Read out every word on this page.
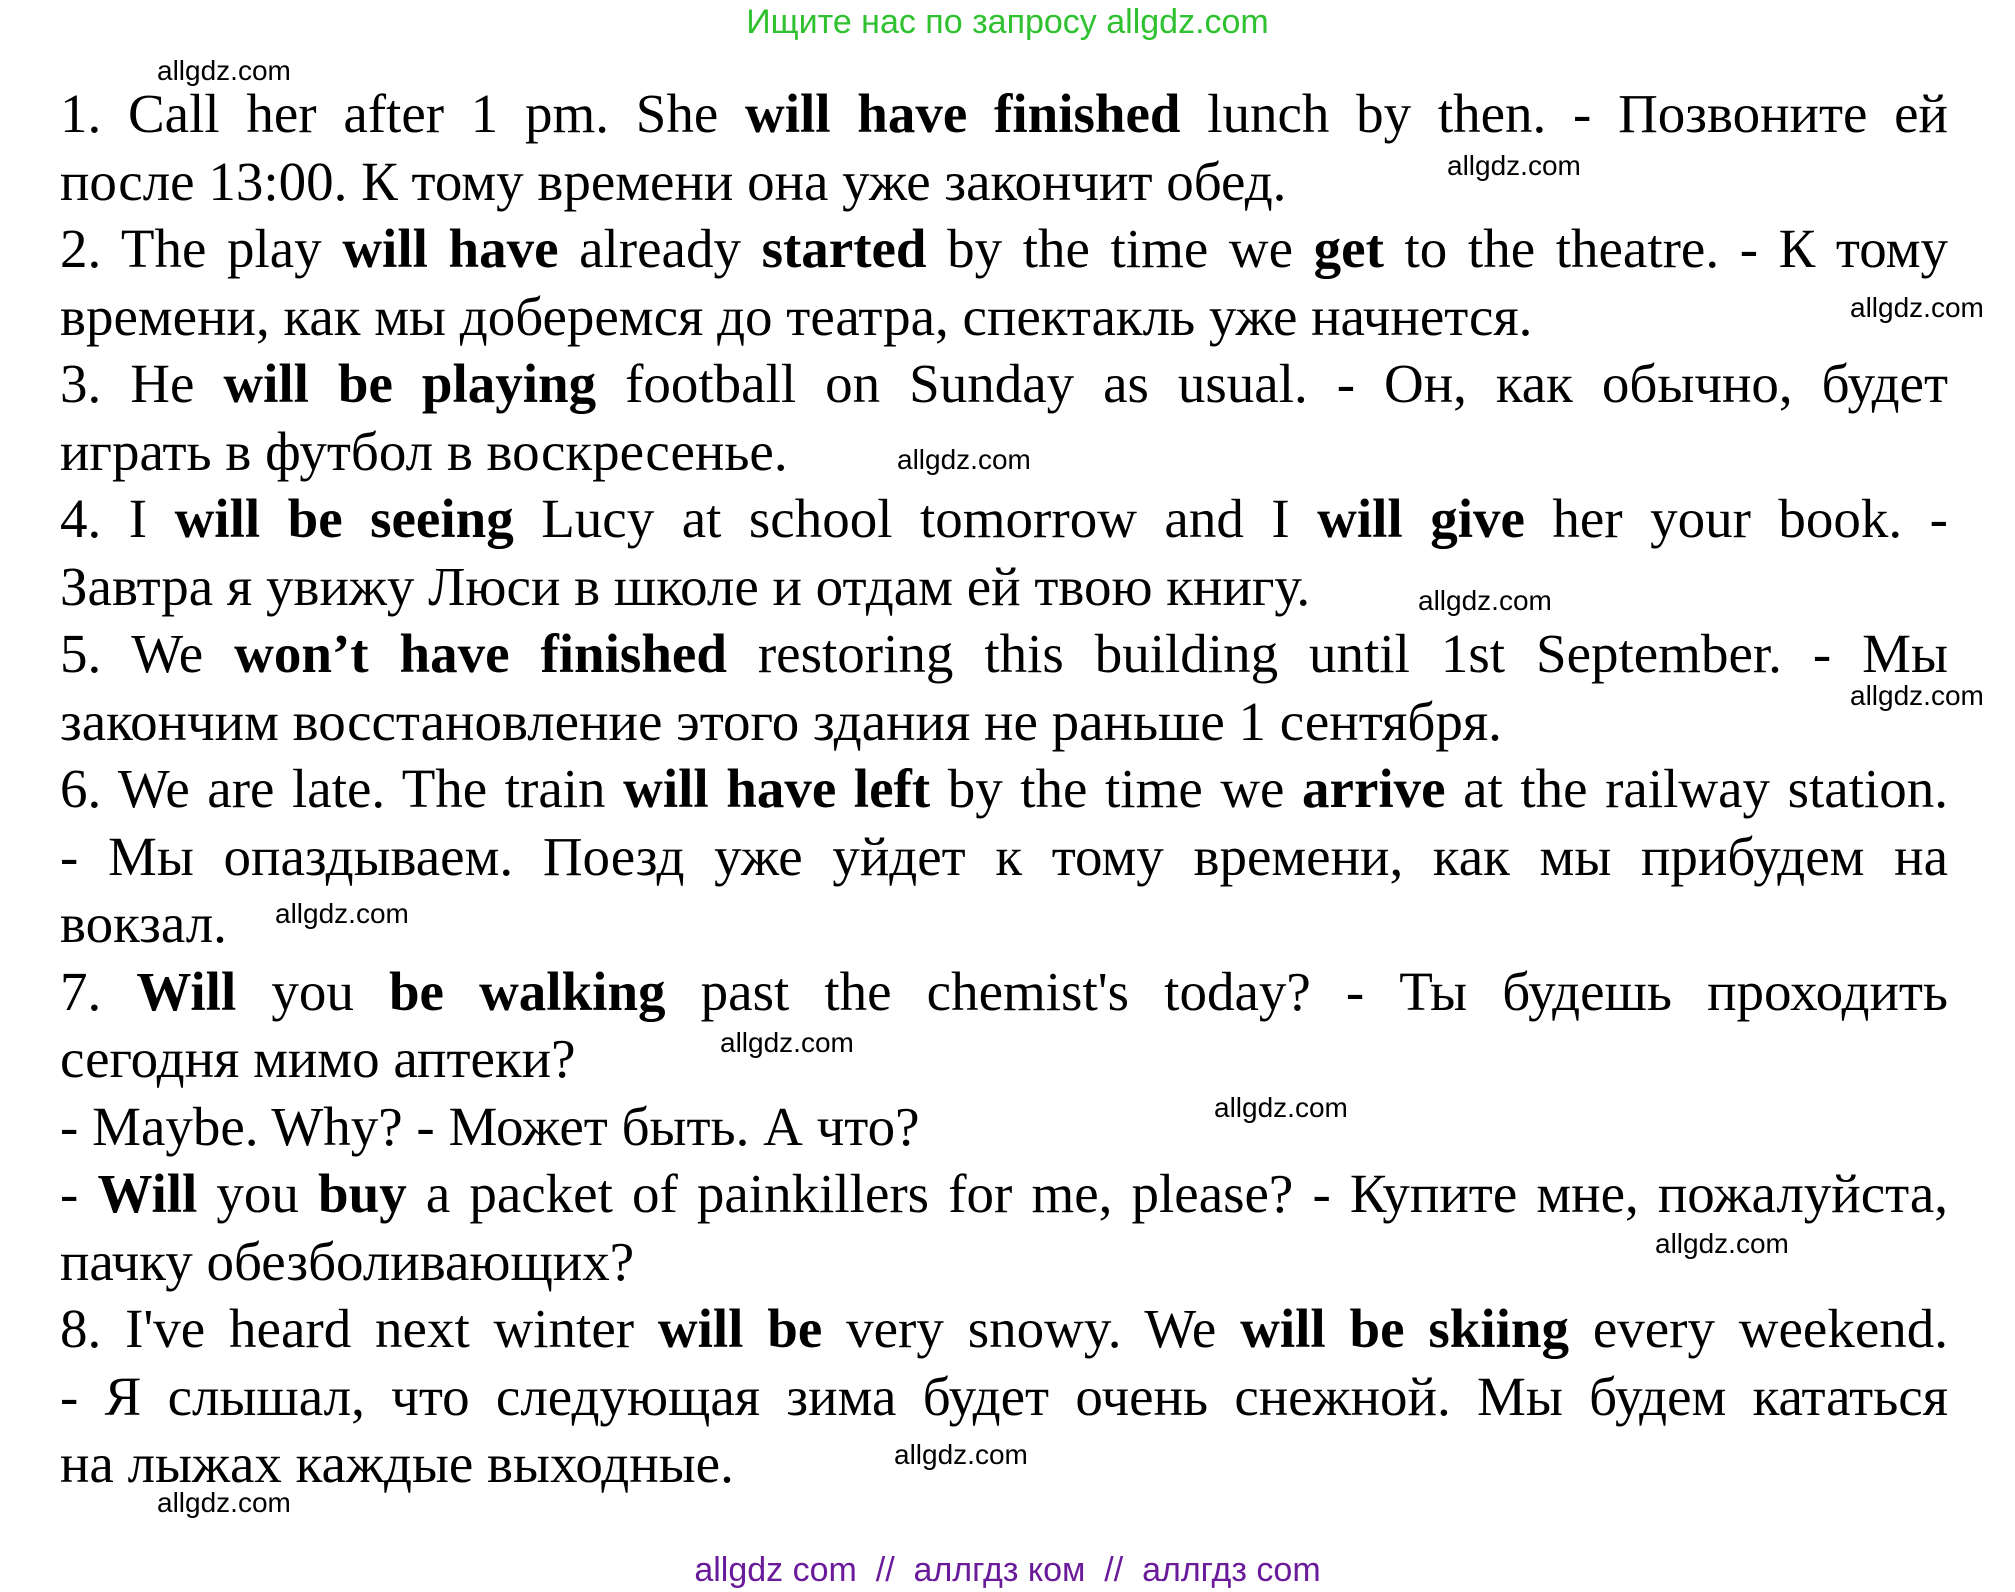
Ищите нас по запросу allgdz.com
1. Call her after 1 pm. She will have finished lunch by then. - Позвоните ей
после 13:00. К тому времени она уже закончит обед.
2. The play will have already started by the time we get to the theatre. - К тому
времени, как мы доберемся до театра, спектакль уже начнется.
3. He will be playing football on Sunday as usual. - Он, как обычно, будет
играть в футбол в воскресенье.
4. I will be seeing Lucy at school tomorrow and I will give her your book. -
Завтра я увижу Люси в школе и отдам ей твою книгу.
5. We won’t have finished restoring this building until 1st September. - Мы
закончим восстановление этого здания не раньше 1 сентября.
6. We are late. The train will have left by the time we arrive at the railway station.
- Мы опаздываем. Поезд уже уйдет к тому времени, как мы прибудем на
вокзал.
7. Will you be walking past the chemist's today? - Ты будешь проходить
сегодня мимо аптеки?
- Maybe. Why? - Может быть. А что?
- Will you buy a packet of painkillers for me, please? - Купите мне, пожалуйста,
пачку обезболивающих?
8. I've heard next winter will be very snowy. We will be skiing every weekend.
- Я слышал, что следующая зима будет очень снежной. Мы будем кататься
на лыжах каждые выходные.
allgdz.com
allgdz.com
allgdz.com
allgdz.com
allgdz.com
allgdz.com
allgdz.com
allgdz.com
allgdz.com
allgdz.com
allgdz.com
allgdz.com
allgdz com  //  аллгдз ком  //  аллгдз com
